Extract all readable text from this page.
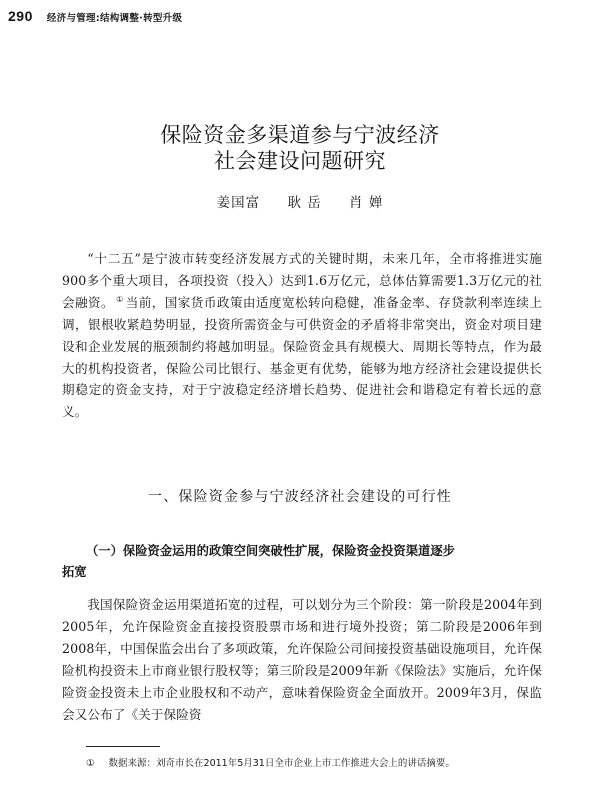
290 经济与管理:结构调整·转型升级
保险资金多渠道参与宁波经济
社会建设问题研究
姜国富 耿 岳 肖 婵
“十二五”是宁波市转变经济发展方式的关键时期，未来几年，全市将推进实施900多个重大项目，各项投资（投入）达到1.6万亿元，总体估算需要1.3万亿元的社会融资。 ① 当前，国家货币政策由适度宽松转向稳健，准备金率、存贷款利率连续上调，银根收紧趋势明显，投资所需资金与可供资金的矛盾将非常突出，资金对项目建设和企业发展的瓶颈制约将越加明显。保险资金具有规模大、周期长等特点，作为最大的机构投资者，保险公司比银行、基金更有优势，能够为地方经济社会建设提供长期稳定的资金支持，对于宁波稳定经济增长趋势、促进社会和谐稳定有着长远的意义。
一、保险资金参与宁波经济社会建设的可行性
（一）保险资金运用的政策空间突破性扩展，保险资金投资渠道逐步
拓宽
我国保险资金运用渠道拓宽的过程，可以划分为三个阶段：第一阶段是2004年到2005年，允许保险资金直接投资股票市场和进行境外投资；第二阶段是2006年到2008年，中国保监会出台了多项政策，允许保险公司间接投资基础设施项目，允许保险机构投资未上市商业银行股权等；第三阶段是2009年新《保险法》实施后，允许保险资金投资未上市企业股权和不动产，意味着保险资金全面放开。2009年3月，保监会又公布了《关于保险资
① 数据来源：刘奇市长在2011年5月31日全市企业上市工作推进大会上的讲话摘要。
